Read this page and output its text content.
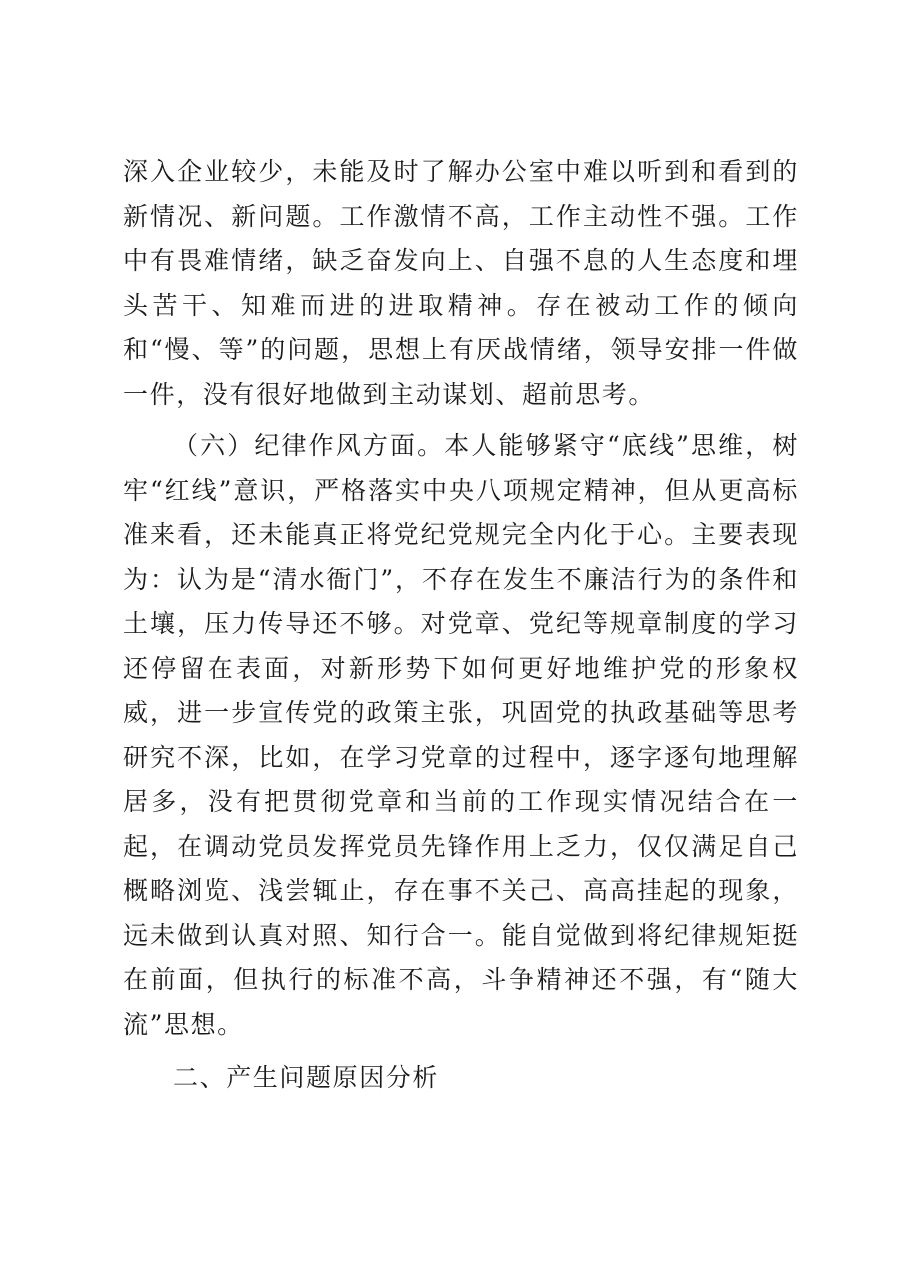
深入企业较少，未能及时了解办公室中难以听到和看到的新情况、新问题。工作激情不高，工作主动性不强。工作中有畏难情绪，缺乏奋发向上、自强不息的人生态度和埋头苦干、知难而进的进取精神。存在被动工作的倾向和“慢、等”的问题，思想上有厌战情绪，领导安排一件做一件，没有很好地做到主动谋划、超前思考。

（六）纪律作风方面。本人能够紧守“底线”思维，树牢“红线”意识，严格落实中央八项规定精神，但从更高标准来看，还未能真正将党纪党规完全内化于心。主要表现为：认为是“清水衙门”，不存在发生不廉洁行为的条件和土壤，压力传导还不够。对党章、党纪等规章制度的学习还停留在表面，对新形势下如何更好地维护党的形象权威，进一步宣传党的政策主张，巩固党的执政基础等思考研究不深，比如，在学习党章的过程中，逐字逐句地理解居多，没有把贯彻党章和当前的工作现实情况结合在一起，在调动党员发挥党员先锋作用上乏力，仅仅满足自己概略浏览、浅尝辄止，存在事不关己、高高挂起的现象，远未做到认真对照、知行合一。能自觉做到将纪律规矩挺在前面，但执行的标准不高，斗争精神还不强，有“随大流”思想。

二、产生问题原因分析
